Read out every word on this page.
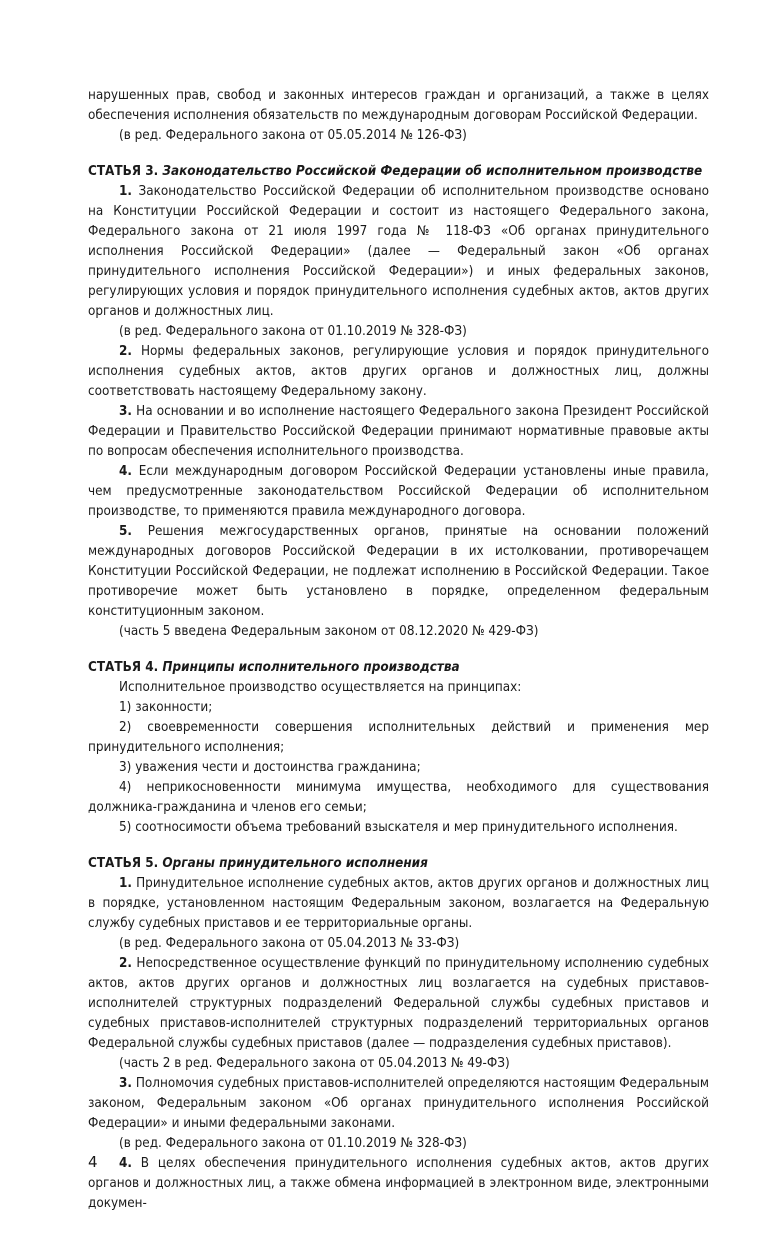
нарушенных прав, свобод и законных интересов граждан и организаций, а также в целях обеспечения исполнения обязательств по международным договорам Российской Федерации.

(в ред. Федерального закона от 05.05.2014 № 126-ФЗ)

СТАТЬЯ 3. Законодательство Российской Федерации об исполнительном производстве

1. Законодательство Российской Федерации об исполнительном производстве основано на Конституции Российской Федерации и состоит из настоящего Федерального закона, Федерального закона от 21 июля 1997 года № 118-ФЗ «Об органах принудительного исполнения Российской Федерации» (далее — Федеральный закон «Об органах принудительного исполнения Российской Федерации») и иных федеральных законов, регулирующих условия и порядок принудительного исполнения судебных актов, актов других органов и должностных лиц.

(в ред. Федерального закона от 01.10.2019 № 328-ФЗ)

2. Нормы федеральных законов, регулирующие условия и порядок принудительного исполнения судебных актов, актов других органов и должностных лиц, должны соответствовать настоящему Федеральному закону.

3. На основании и во исполнение настоящего Федерального закона Президент Российской Федерации и Правительство Российской Федерации принимают нормативные правовые акты по вопросам обеспечения исполнительного производства.

4. Если международным договором Российской Федерации установлены иные правила, чем предусмотренные законодательством Российской Федерации об исполнительном производстве, то применяются правила международного договора.

5. Решения межгосударственных органов, принятые на основании положений международных договоров Российской Федерации в их истолковании, противоречащем Конституции Российской Федерации, не подлежат исполнению в Российской Федерации. Такое противоречие может быть установлено в порядке, определенном федеральным конституционным законом.

(часть 5 введена Федеральным законом от 08.12.2020 № 429-ФЗ)

СТАТЬЯ 4. Принципы исполнительного производства

Исполнительное производство осуществляется на принципах:

1) законности;

2) своевременности совершения исполнительных действий и применения мер принудительного исполнения;

3) уважения чести и достоинства гражданина;

4) неприкосновенности минимума имущества, необходимого для существования должника-гражданина и членов его семьи;

5) соотносимости объема требований взыскателя и мер принудительного исполнения.

СТАТЬЯ 5. Органы принудительного исполнения

1. Принудительное исполнение судебных актов, актов других органов и должностных лиц в порядке, установленном настоящим Федеральным законом, возлагается на Федеральную службу судебных приставов и ее территориальные органы.

(в ред. Федерального закона от 05.04.2013 № 33-ФЗ)

2. Непосредственное осуществление функций по принудительному исполнению судебных актов, актов других органов и должностных лиц возлагается на судебных приставов-исполнителей структурных подразделений Федеральной службы судебных приставов и судебных приставов-исполнителей структурных подразделений территориальных органов Федеральной службы судебных приставов (далее — подразделения судебных приставов).

(часть 2 в ред. Федерального закона от 05.04.2013 № 49-ФЗ)

3. Полномочия судебных приставов-исполнителей определяются настоящим Федеральным законом, Федеральным законом «Об органах принудительного исполнения Российской Федерации» и иными федеральными законами.

(в ред. Федерального закона от 01.10.2019 № 328-ФЗ)

4. В целях обеспечения принудительного исполнения судебных актов, актов других органов и должностных лиц, а также обмена информацией в электронном виде, электронными докумен-

4
